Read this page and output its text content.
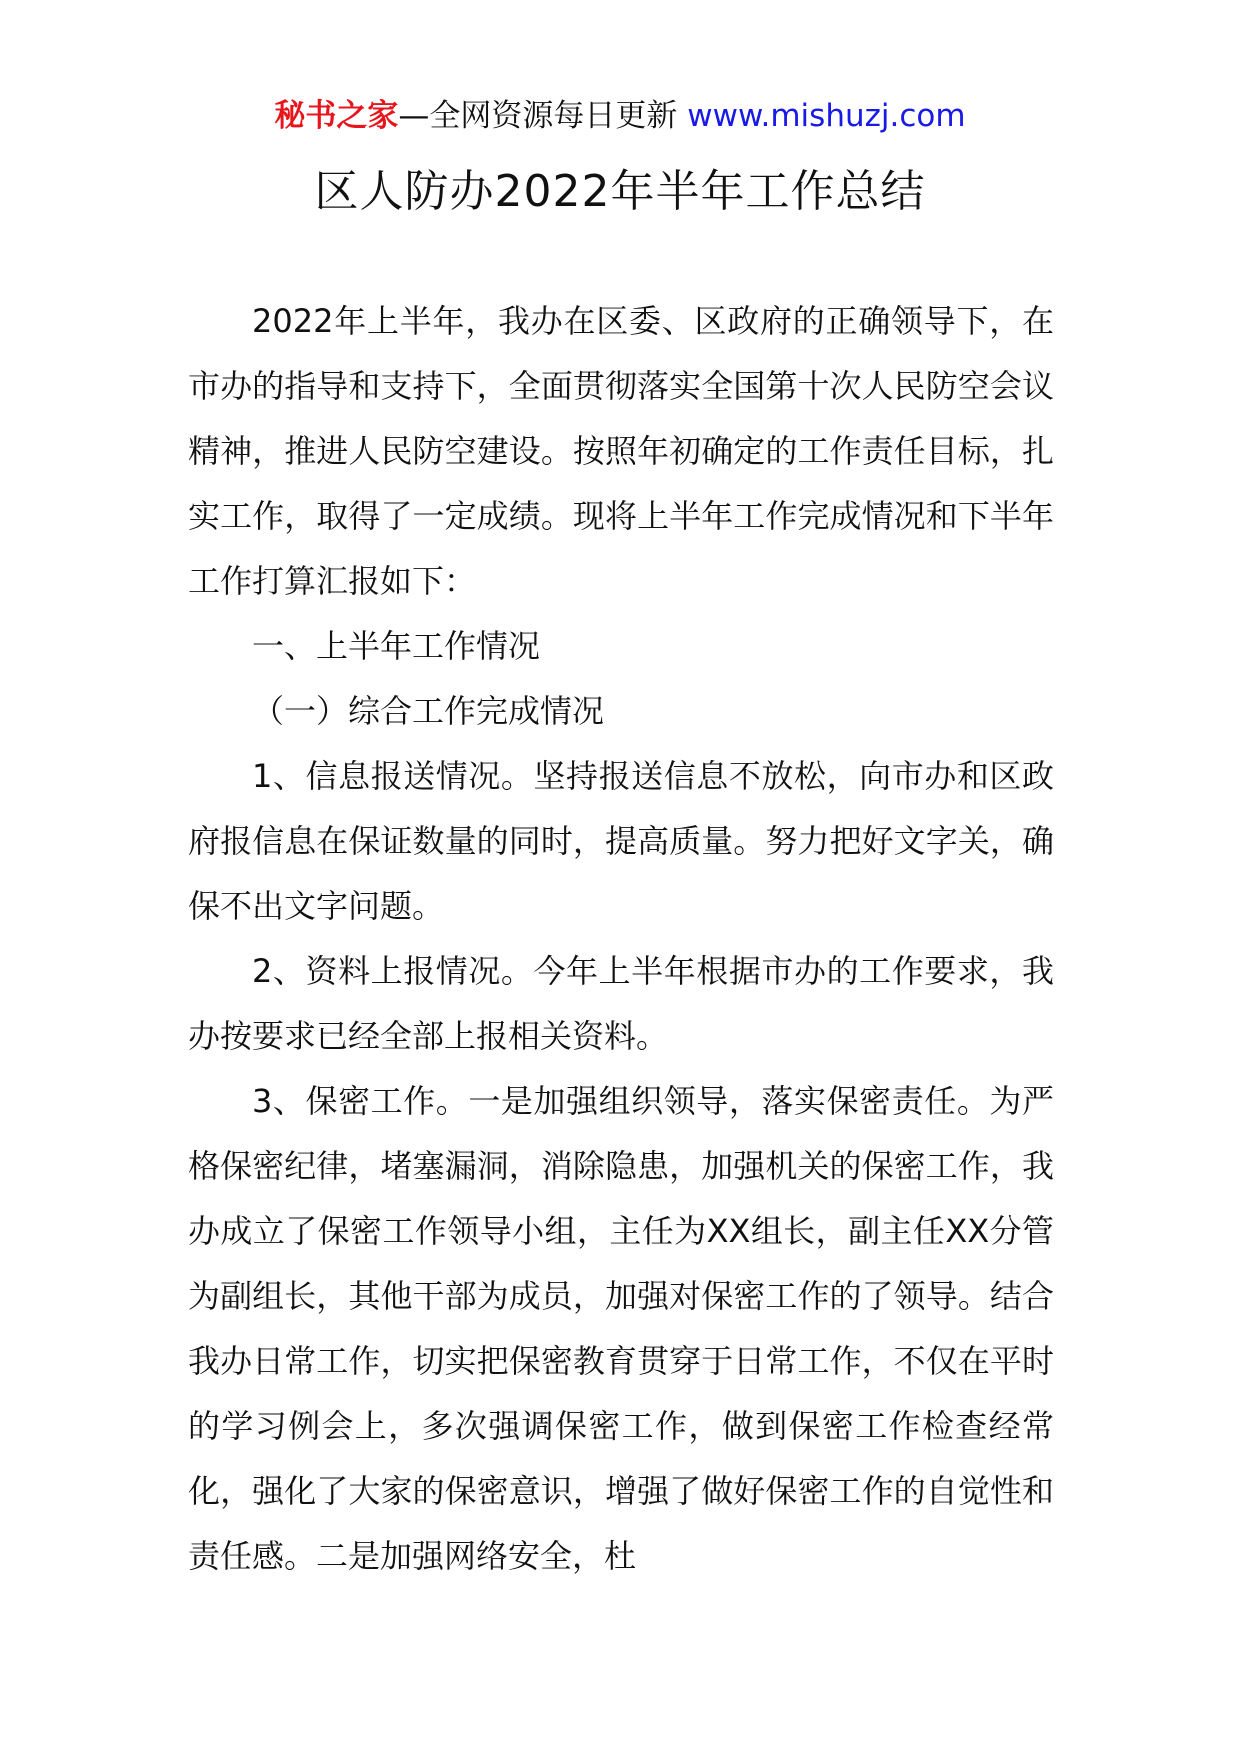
秘书之家—全网资源每日更新 www.mishuzj.com
区人防办2022年半年工作总结

2022年上半年，我办在区委、区政府的正确领导下，在市办的指导和支持下，全面贯彻落实全国第十次人民防空会议精神，推进人民防空建设。按照年初确定的工作责任目标，扎实工作，取得了一定成绩。现将上半年工作完成情况和下半年工作打算汇报如下：

一、上半年工作情况

（一）综合工作完成情况

1、信息报送情况。坚持报送信息不放松，向市办和区政府报信息在保证数量的同时，提高质量。努力把好文字关，确保不出文字问题。

2、资料上报情况。今年上半年根据市办的工作要求，我办按要求已经全部上报相关资料。

3、保密工作。一是加强组织领导，落实保密责任。为严格保密纪律，堵塞漏洞，消除隐患，加强机关的保密工作，我办成立了保密工作领导小组，主任为XX组长，副主任XX分管为副组长，其他干部为成员，加强对保密工作的了领导。结合我办日常工作，切实把保密教育贯穿于日常工作，不仅在平时的学习例会上，多次强调保密工作，做到保密工作检查经常化，强化了大家的保密意识，增强了做好保密工作的自觉性和责任感。二是加强网络安全，杜
